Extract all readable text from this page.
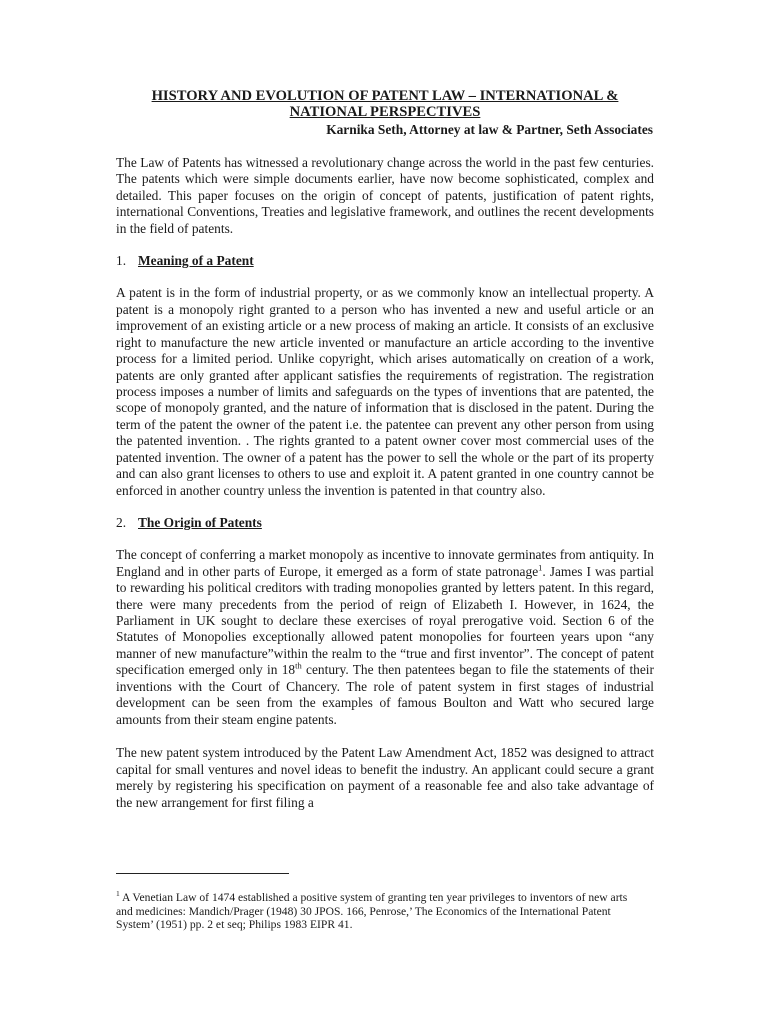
HISTORY AND EVOLUTION OF PATENT LAW – INTERNATIONAL &
NATIONAL PERSPECTIVES
Karnika Seth, Attorney at law & Partner, Seth Associates

The Law of Patents has witnessed a revolutionary change across the world in the past few centuries. The patents which were simple documents earlier, have now become sophisticated, complex and detailed. This paper focuses on the origin of concept of patents, justification of patent rights, international Conventions, Treaties and legislative framework, and outlines the recent developments in the field of patents.

1. Meaning of a Patent

A patent is in the form of industrial property, or as we commonly know an intellectual property. A patent is a monopoly right granted to a person who has invented a new and useful article or an improvement of an existing article or a new process of making an article. It consists of an exclusive right to manufacture the new article invented or manufacture an article according to the inventive process for a limited period. Unlike copyright, which arises automatically on creation of a work, patents are only granted after applicant satisfies the requirements of registration. The registration process imposes a number of limits and safeguards on the types of inventions that are patented, the scope of monopoly granted, and the nature of information that is disclosed in the patent. During the term of the patent the owner of the patent i.e. the patentee can prevent any other person from using the patented invention. . The rights granted to a patent owner cover most commercial uses of the patented invention. The owner of a patent has the power to sell the whole or the part of its property and can also grant licenses to others to use and exploit it. A patent granted in one country cannot be enforced in another country unless the invention is patented in that country also.

2. The Origin of Patents

The concept of conferring a market monopoly as incentive to innovate germinates from antiquity. In England and in other parts of Europe, it emerged as a form of state patronage$^1$. James I was partial to rewarding his political creditors with trading monopolies granted by letters patent. In this regard, there were many precedents from the period of reign of Elizabeth I. However, in 1624, the Parliament in UK sought to declare these exercises of royal prerogative void. Section 6 of the Statutes of Monopolies exceptionally allowed patent monopolies for fourteen years upon “any manner of new manufacture”within the realm to the “true and first inventor”. The concept of patent specification emerged only in 18th century. The then patentees began to file the statements of their inventions with the Court of Chancery. The role of patent system in first stages of industrial development can be seen from the examples of famous Boulton and Watt who secured large amounts from their steam engine patents.

The new patent system introduced by the Patent Law Amendment Act, 1852 was designed to attract capital for small ventures and novel ideas to benefit the industry. An applicant could secure a grant merely by registering his specification on payment of a reasonable fee and also take advantage of the new arrangement for first filing a

$^1$ A Venetian Law of 1474 established a positive system of granting ten year privileges to inventors of new arts and medicines: Mandich/Prager (1948) 30 JPOS. 166, Penrose,’ The Economics of the International Patent System’ (1951) pp. 2 et seq; Philips 1983 EIPR 41.
